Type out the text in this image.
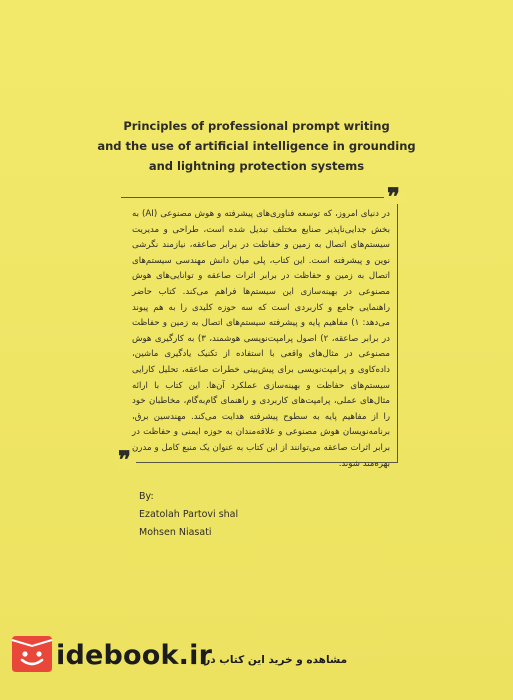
Principles of professional prompt writing
and the use of artificial intelligence in grounding
and lightning protection systems
❞
❞
در دنیای امروز، که توسعه فناوری‌های پیشرفته و هوش مصنوعی (AI) به بخش جدایی‌ناپذیر صنایع مختلف تبدیل شده است، طراحی و مدیریت سیستم‌های اتصال به زمین و حفاظت در برابر صاعقه، نیازمند نگرشی نوین و پیشرفته است. این کتاب، پلی میان دانش مهندسی سیستم‌های اتصال به زمین و حفاظت در برابر اثرات صاعقه و توانایی‌های هوش مصنوعی در بهینه‌سازی این سیستم‌ها فراهم می‌کند. کتاب حاضر راهنمایی جامع و کاربردی است که سه حوزه کلیدی را به هم پیوند می‌دهد: ۱) مفاهیم پایه و پیشرفته سیستم‌های اتصال به زمین و حفاظت در برابر صاعقه، ۲) اصول پرامپت‌نویسی هوشمند، ۳) به کارگیری هوش مصنوعی در مثال‌های واقعی با استفاده از تکنیک یادگیری ماشین، داده‌کاوی و پرامپت‌نویسی برای پیش‌بینی خطرات صاعقه، تحلیل کارایی سیستم‌های حفاظت و بهینه‌سازی عملکرد آن‌ها. این کتاب با ارائه مثال‌های عملی، پرامپت‌های کاربردی و راهنمای گام‌به‌گام، مخاطبان خود را از مفاهیم پایه به سطوح پیشرفته هدایت می‌کند. مهندسین برق، برنامه‌نویسان هوش مصنوعی و علاقه‌مندان به حوزه ایمنی و حفاظت در برابر اثرات صاعقه می‌توانند از این کتاب به عنوان یک منبع کامل و مدرن بهره‌مند شوند.
By:
Ezatolah Partovi shal
Mohsen Niasati
idebook.ir
مشاهده و خرید این کتاب در:
